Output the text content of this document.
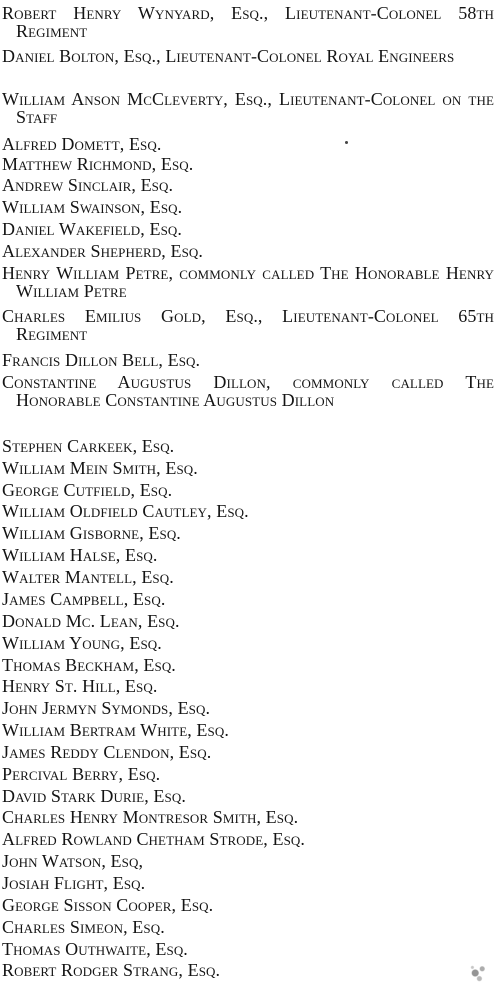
Robert Henry Wynyard, Esq., Lieutenant-Colonel 58th Regiment
Daniel Bolton, Esq., Lieutenant-Colonel Royal Engineers
William Anson McCleverty, Esq., Lieutenant-Colonel on the Staff
Alfred Domett, Esq.
Matthew Richmond, Esq.
Andrew Sinclair, Esq.
William Swainson, Esq.
Daniel Wakefield, Esq.
Alexander Shepherd, Esq.
Henry William Petre, commonly called The Honorable Henry William Petre
Charles Emilius Gold, Esq., Lieutenant-Colonel 65th Regiment
Francis Dillon Bell, Esq.
Constantine Augustus Dillon, commonly called The Honorable Constantine Augustus Dillon
Stephen Carkeek, Esq.
William Mein Smith, Esq.
George Cutfield, Esq.
William Oldfield Cautley, Esq.
William Gisborne, Esq.
William Halse, Esq.
Walter Mantell, Esq.
James Campbell, Esq.
Donald Mc. Lean, Esq.
William Young, Esq.
Thomas Beckham, Esq.
Henry St. Hill, Esq.
John Jermyn Symonds, Esq.
William Bertram White, Esq.
James Reddy Clendon, Esq.
Percival Berry, Esq.
David Stark Durie, Esq.
Charles Henry Montresor Smith, Esq.
Alfred Rowland Chetham Strode, Esq.
John Watson, Esq,
Josiah Flight, Esq.
George Sisson Cooper, Esq.
Charles Simeon, Esq.
Thomas Outhwaite, Esq.
Robert Rodger Strang, Esq.
